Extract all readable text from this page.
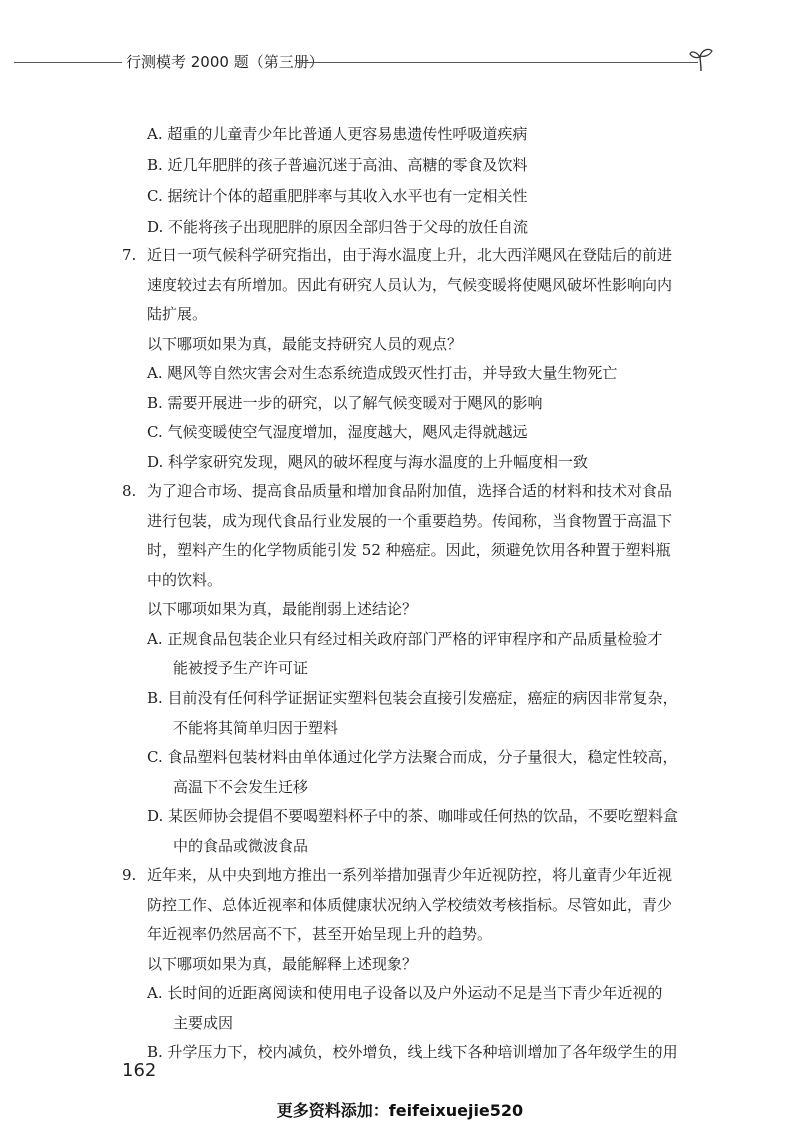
行测模考 2000 题（第三册）
A. 超重的儿童青少年比普通人更容易患遗传性呼吸道疾病
B. 近几年肥胖的孩子普遍沉迷于高油、高糖的零食及饮料
C. 据统计个体的超重肥胖率与其收入水平也有一定相关性
D. 不能将孩子出现肥胖的原因全部归咎于父母的放任自流
7. 近日一项气候科学研究指出，由于海水温度上升，北大西洋飓风在登陆后的前进
速度较过去有所增加。因此有研究人员认为，气候变暖将使飓风破坏性影响向内
陆扩展。
以下哪项如果为真，最能支持研究人员的观点？
A. 飓风等自然灾害会对生态系统造成毁灭性打击，并导致大量生物死亡
B. 需要开展进一步的研究，以了解气候变暖对于飓风的影响
C. 气候变暖使空气湿度增加，湿度越大，飓风走得就越远
D. 科学家研究发现，飓风的破坏程度与海水温度的上升幅度相一致
8. 为了迎合市场、提高食品质量和增加食品附加值，选择合适的材料和技术对食品
进行包装，成为现代食品行业发展的一个重要趋势。传闻称，当食物置于高温下
时，塑料产生的化学物质能引发 52 种癌症。因此，须避免饮用各种置于塑料瓶
中的饮料。
以下哪项如果为真，最能削弱上述结论？
A. 正规食品包装企业只有经过相关政府部门严格的评审程序和产品质量检验才
能被授予生产许可证
B. 目前没有任何科学证据证实塑料包装会直接引发癌症，癌症的病因非常复杂，
不能将其简单归因于塑料
C. 食品塑料包装材料由单体通过化学方法聚合而成，分子量很大，稳定性较高，
高温下不会发生迁移
D. 某医师协会提倡不要喝塑料杯子中的茶、咖啡或任何热的饮品，不要吃塑料盒
中的食品或微波食品
9. 近年来，从中央到地方推出一系列举措加强青少年近视防控，将儿童青少年近视
防控工作、总体近视率和体质健康状况纳入学校绩效考核指标。尽管如此，青少
年近视率仍然居高不下，甚至开始呈现上升的趋势。
以下哪项如果为真，最能解释上述现象？
A. 长时间的近距离阅读和使用电子设备以及户外运动不足是当下青少年近视的
主要成因
B. 升学压力下，校内减负，校外增负，线上线下各种培训增加了各年级学生的用
162
更多资料添加：feifeixuejie520
